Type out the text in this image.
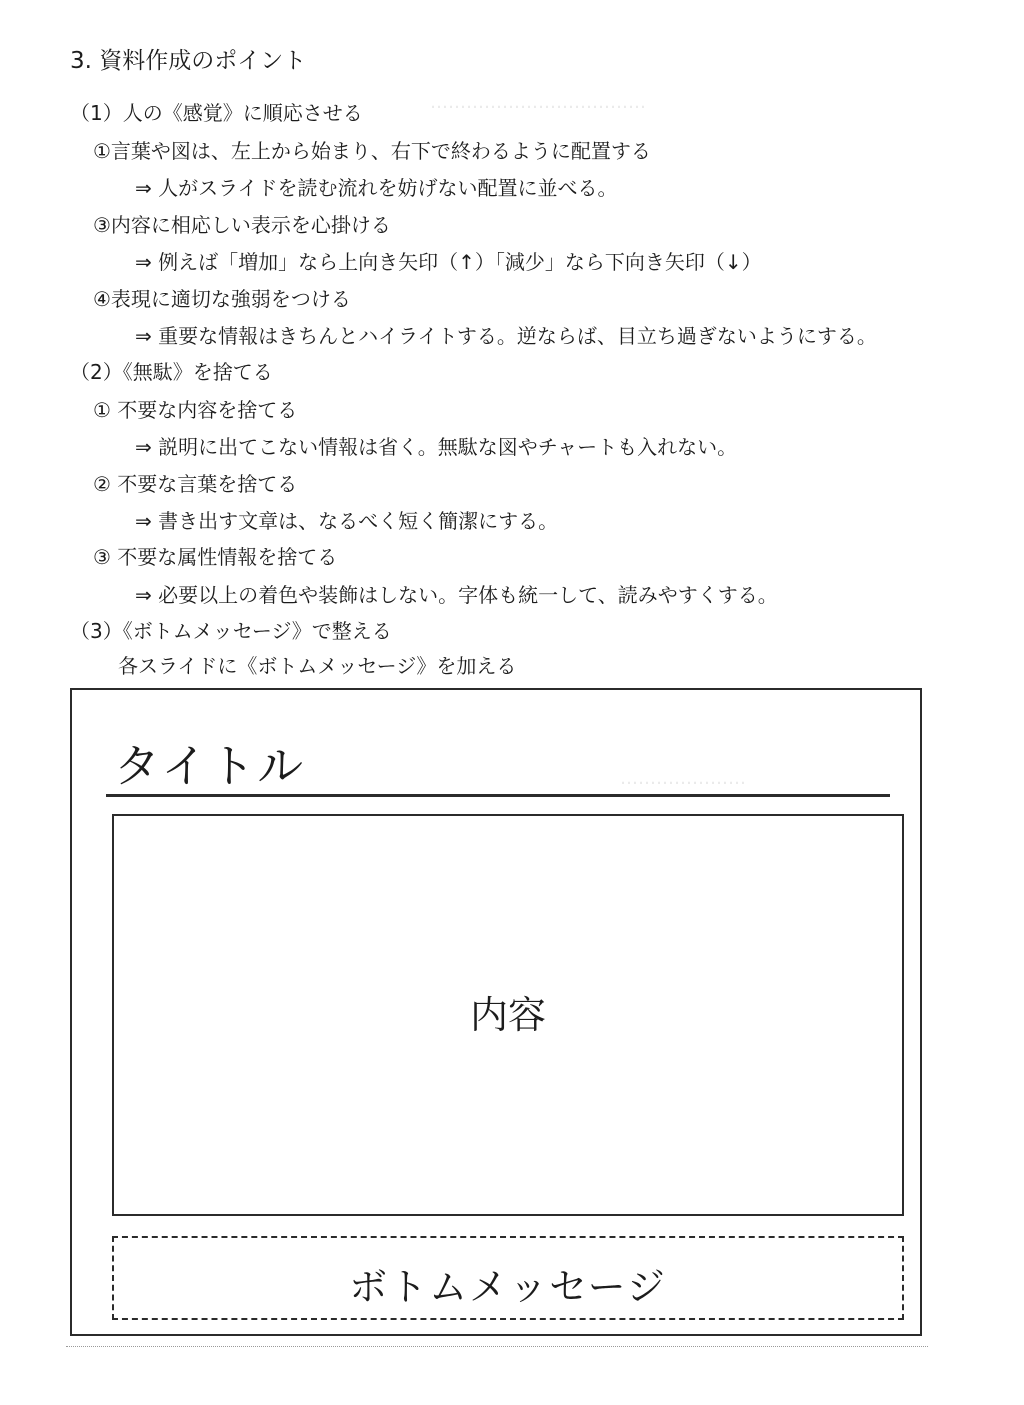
………………………………
…………………
3. 資料作成のポイント
（1）人の《感覚》に順応させる
①言葉や図は、左上から始まり、右下で終わるように配置する
⇒ 人がスライドを読む流れを妨げない配置に並べる。
③内容に相応しい表示を心掛ける
⇒ 例えば「増加」なら上向き矢印（↑）「減少」なら下向き矢印（↓）
④表現に適切な強弱をつける
⇒ 重要な情報はきちんとハイライトする。逆ならば、目立ち過ぎないようにする。
（2）《無駄》を捨てる
① 不要な内容を捨てる
⇒ 説明に出てこない情報は省く。無駄な図やチャートも入れない。
② 不要な言葉を捨てる
⇒ 書き出す文章は、なるべく短く簡潔にする。
③ 不要な属性情報を捨てる
⇒ 必要以上の着色や装飾はしない。字体も統一して、読みやすくする。
（3）《ボトムメッセージ》で整える
各スライドに《ボトムメッセージ》を加える
タイトル
内容
ボトムメッセージ
